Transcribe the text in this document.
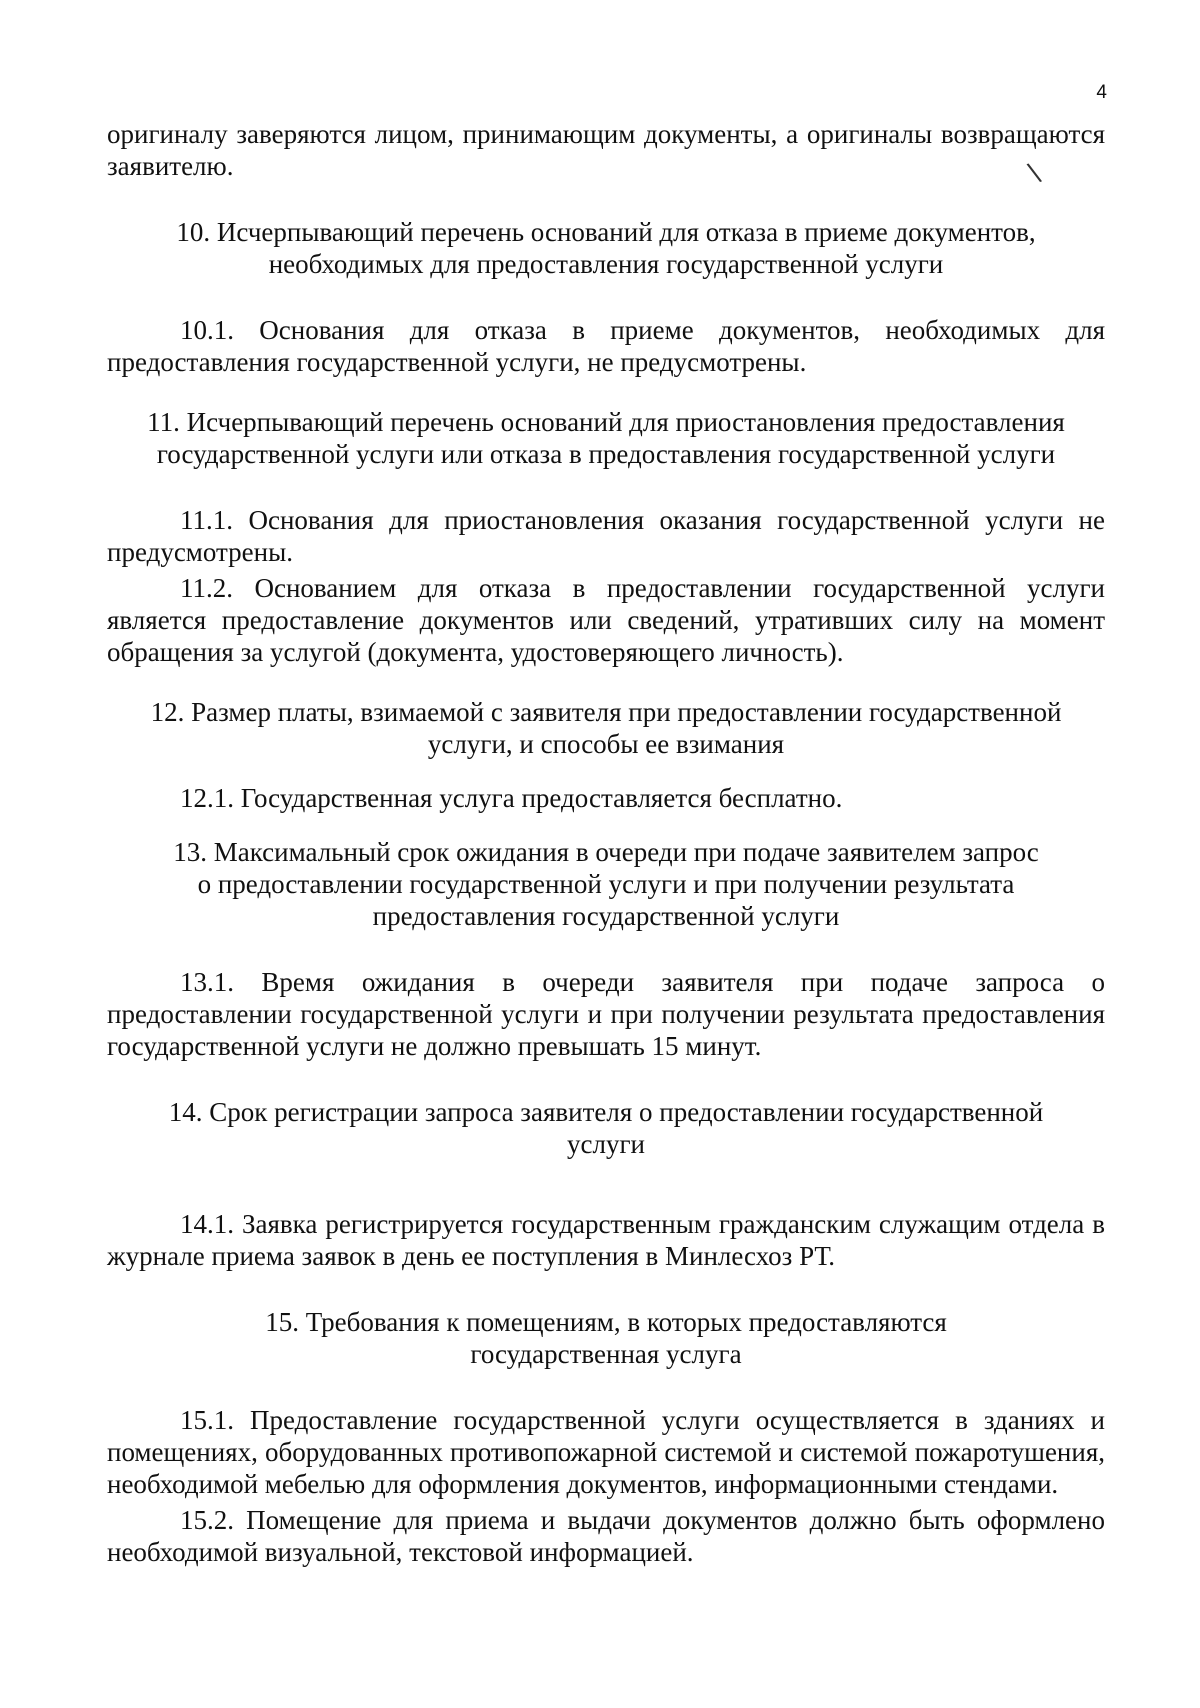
4
\

оригиналу заверяются лицом, принимающим документы, а оригиналы возвращаются заявителю.

10. Исчерпывающий перечень оснований для отказа в приеме документов,

необходимых для предоставления государственной услуги

10.1. Основания для отказа в приеме документов, необходимых для предоставления государственной услуги, не предусмотрены.

11. Исчерпывающий перечень оснований для приостановления предоставления

государственной услуги или отказа в предоставления государственной услуги

11.1. Основания для приостановления оказания государственной услуги не предусмотрены.

11.2. Основанием для отказа в предоставлении государственной услуги является предоставление документов или сведений, утративших силу на момент обращения за услугой (документа, удостоверяющего личность).

12. Размер платы, взимаемой с заявителя при предоставлении государственной

услуги, и способы ее взимания

12.1. Государственная услуга предоставляется бесплатно.

13. Максимальный срок ожидания в очереди при подаче заявителем запрос

о предоставлении государственной услуги и при получении результата

предоставления государственной услуги

13.1. Время ожидания в очереди заявителя при подаче запроса о предоставлении государственной услуги и при получении результата предоставления государственной услуги не должно превышать 15 минут.

14. Срок регистрации запроса заявителя о предоставлении государственной

услуги

14.1. Заявка регистрируется государственным гражданским служащим отдела в журнале приема заявок в день ее поступления в Минлесхоз РТ.

15. Требования к помещениям, в которых предоставляются

государственная услуга

15.1. Предоставление государственной услуги осуществляется в зданиях и помещениях, оборудованных противопожарной системой и системой пожаротушения, необходимой мебелью для оформления документов, информационными стендами.

15.2. Помещение для приема и выдачи документов должно быть оформлено необходимой визуальной, текстовой информацией.
